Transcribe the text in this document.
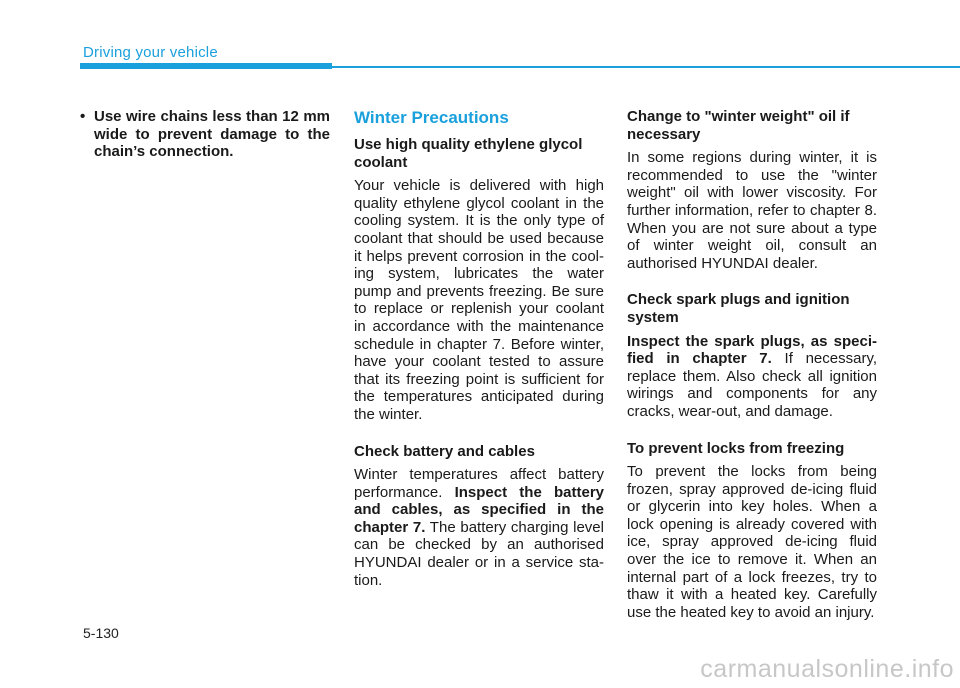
Driving your vehicle
• Use wire chains less than 12 mm wide to prevent damage to the chain’s connection.
Winter Precautions
Use high quality ethylene glycol coolant
Your vehicle is delivered with high quality ethylene glycol coolant in the cooling system. It is the only type of coolant that should be used because it helps prevent corrosion in the cool-ing system, lubricates the water pump and prevents freezing. Be sure to replace or replenish your coolant in accordance with the maintenance schedule in chapter 7. Before winter, have your coolant tested to assure that its freezing point is sufficient for the temperatures anticipated during the winter.
Check battery and cables
Winter temperatures affect battery performance. Inspect the battery and cables, as specified in the chapter 7. The battery charging level can be checked by an authorised HYUNDAI dealer or in a service sta-tion.
Change to "winter weight" oil if necessary
In some regions during winter, it is recommended to use the "winter weight" oil with lower viscosity. For further information, refer to chapter 8. When you are not sure about a type of winter weight oil, consult an authorised HYUNDAI dealer.
Check spark plugs and ignition system
Inspect the spark plugs, as speci-fied in chapter 7. If necessary, replace them. Also check all ignition wirings and components for any cracks, wear-out, and damage.
To prevent locks from freezing
To prevent the locks from being frozen, spray approved de-icing fluid or glycerin into key holes. When a lock opening is already covered with ice, spray approved de-icing fluid over the ice to remove it. When an internal part of a lock freezes, try to thaw it with a heated key. Carefully use the heated key to avoid an injury.
5-130
carmanualsonline.info
